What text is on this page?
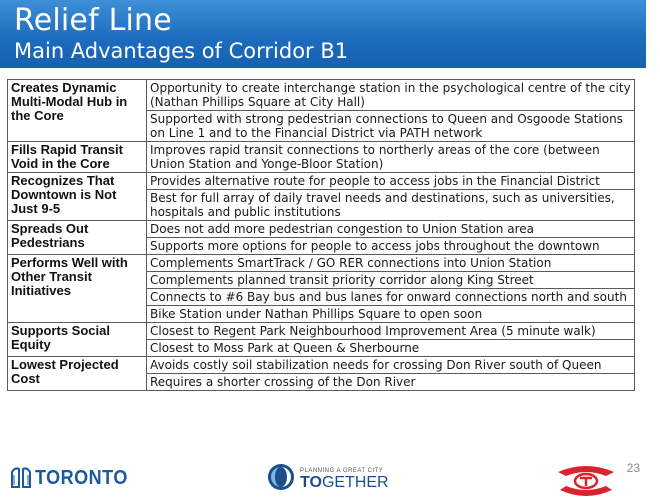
Relief Line
Main Advantages of Corridor B1
Creates Dynamic Multi-Modal Hub in the Core	Opportunity to create interchange station in the psychological centre of the city (Nathan Phillips Square at City Hall)
	Supported with strong pedestrian connections to Queen and Osgoode Stations on Line 1 and to the Financial District via PATH network
Fills Rapid Transit Void in the Core	Improves rapid transit connections to northerly areas of the core (between Union Station and Yonge-Bloor Station)
Recognizes That Downtown is Not Just 9-5	Provides alternative route for people to access jobs in the Financial District
	Best for full array of daily travel needs and destinations, such as universities, hospitals and public institutions
Spreads Out Pedestrians	Does not add more pedestrian congestion to Union Station area
	Supports more options for people to access jobs throughout the downtown
Performs Well with Other Transit Initiatives	Complements SmartTrack / GO RER connections into Union Station
	Complements planned transit priority corridor along King Street
	Connects to #6 Bay bus and bus lanes for onward connections north and south
	Bike Station under Nathan Phillips Square to open soon
Supports Social Equity	Closest to Regent Park Neighbourhood Improvement Area (5 minute walk)
	Closest to Moss Park at Queen & Sherbourne
Lowest Projected Cost	Avoids costly soil stabilization needs for crossing Don River south of Queen
	Requires a shorter crossing of the Don River
23
TORONTO	PLANNING A GREAT CITY
TOGETHER
